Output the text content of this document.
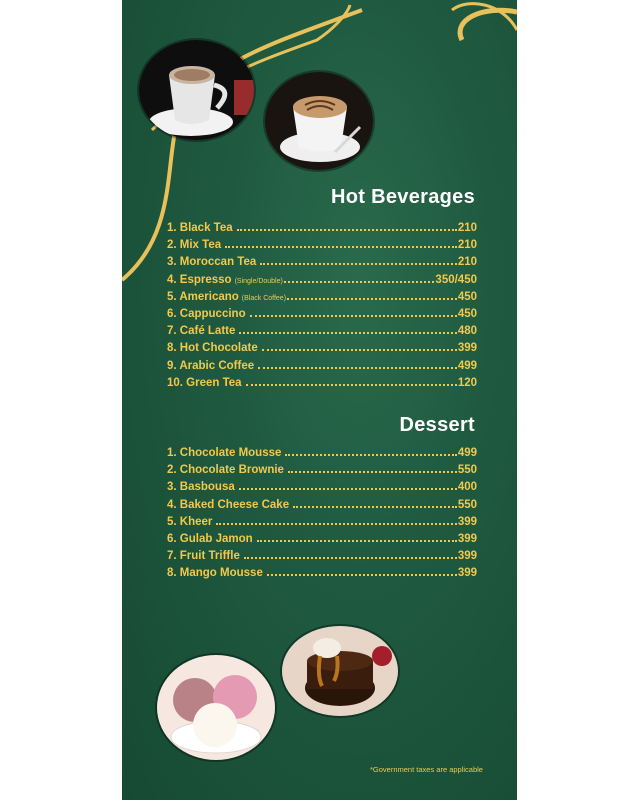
Hot Beverages
1. Black Tea	210
2. Mix Tea	210
3. Moroccan Tea	210
4. Espresso (Single/Double)	350/450
5. Americano (Black Coffee)	450
6. Cappuccino	450
7. Café Latte	480
8. Hot Chocolate	399
9. Arabic Coffee	499
10. Green Tea	120
Dessert
1. Chocolate Mousse	499
2. Chocolate Brownie	550
3. Basbousa	400
4. Baked Cheese Cake	550
5. Kheer	399
6. Gulab Jamon	399
7. Fruit Triffle	399
8. Mango Mousse	399
*Government taxes are applicable
